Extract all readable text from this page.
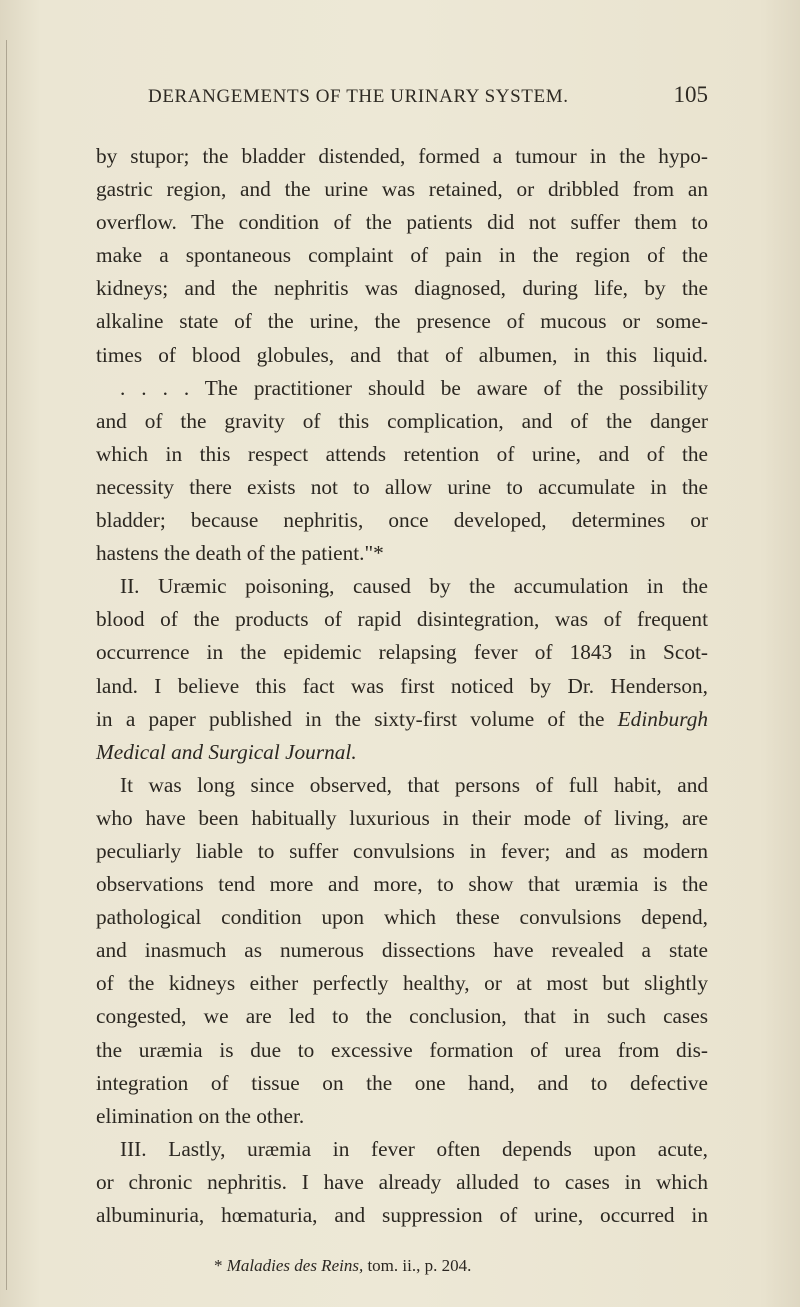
DERANGEMENTS OF THE URINARY SYSTEM.	105
by stupor; the bladder distended, formed a tumour in the hypo-
gastric region, and the urine was retained, or dribbled from an
overflow. The condition of the patients did not suffer them to
make a spontaneous complaint of pain in the region of the
kidneys; and the nephritis was diagnosed, during life, by the
alkaline state of the urine, the presence of mucous or some-
times of blood globules, and that of albumen, in this liquid.
. . . . The practitioner should be aware of the possibility
and of the gravity of this complication, and of the danger
which in this respect attends retention of urine, and of the
necessity there exists not to allow urine to accumulate in the
bladder; because nephritis, once developed, determines or
hastens the death of the patient."*
II. Uræmic poisoning, caused by the accumulation in the
blood of the products of rapid disintegration, was of frequent
occurrence in the epidemic relapsing fever of 1843 in Scot-
land. I believe this fact was first noticed by Dr. Henderson,
in a paper published in the sixty-first volume of the Edinburgh
Medical and Surgical Journal.
It was long since observed, that persons of full habit, and
who have been habitually luxurious in their mode of living, are
peculiarly liable to suffer convulsions in fever; and as modern
observations tend more and more, to show that uræmia is the
pathological condition upon which these convulsions depend,
and inasmuch as numerous dissections have revealed a state
of the kidneys either perfectly healthy, or at most but slightly
congested, we are led to the conclusion, that in such cases
the uræmia is due to excessive formation of urea from dis-
integration of tissue on the one hand, and to defective
elimination on the other.
III. Lastly, uræmia in fever often depends upon acute,
or chronic nephritis. I have already alluded to cases in which
albuminuria, hœmaturia, and suppression of urine, occurred in
* Maladies des Reins, tom. ii., p. 204.
